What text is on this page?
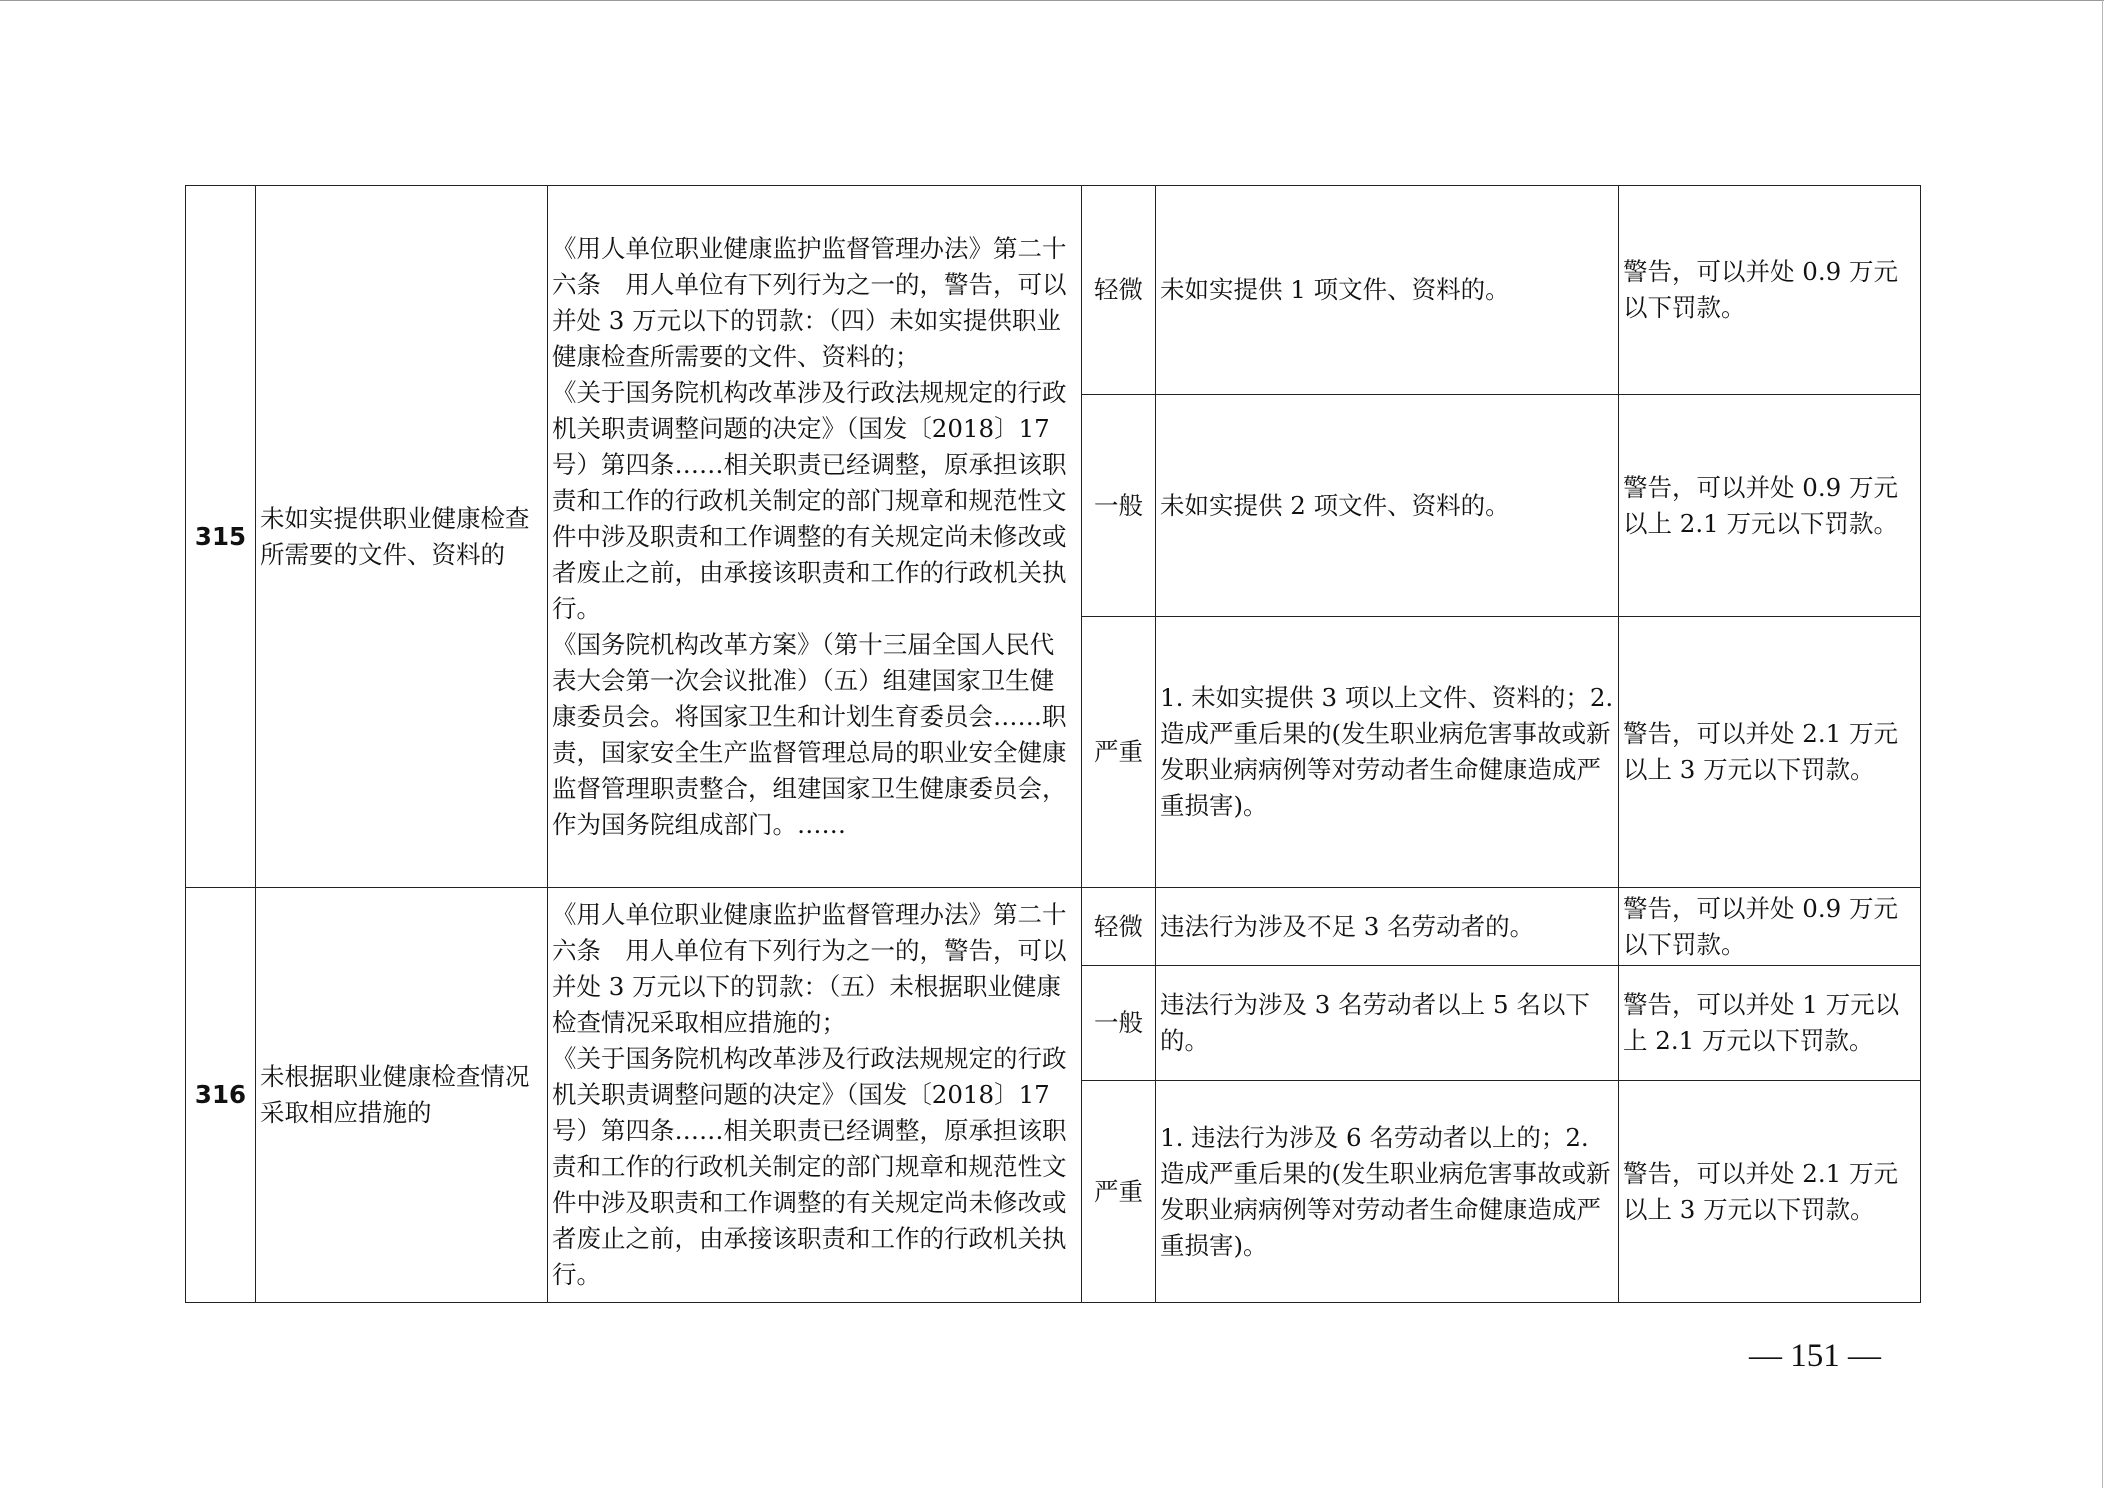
315	未如实提供职业健康检查所需要的文件、资料的	《用人单位职业健康监护监督管理办法》第二十六条　用人单位有下列行为之一的，警告，可以并处 3 万元以下的罚款：（四）未如实提供职业健康检查所需要的文件、资料的；

《关于国务院机构改革涉及行政法规规定的行政机关职责调整问题的决定》（国发〔2018〕17 号）第四条……相关职责已经调整，原承担该职责和工作的行政机关制定的部门规章和规范性文件中涉及职责和工作调整的有关规定尚未修改或者废止之前，由承接该职责和工作的行政机关执行。

《国务院机构改革方案》（第十三届全国人民代表大会第一次会议批准）（五）组建国家卫生健康委员会。将国家卫生和计划生育委员会……职责，国家安全生产监督管理总局的职业安全健康监督管理职责整合，组建国家卫生健康委员会，作为国务院组成部门。……	轻微	未如实提供 1 项文件、资料的。	警告，可以并处 0.9 万元以下罚款。
			一般	未如实提供 2 项文件、资料的。	警告，可以并处 0.9 万元以上 2.1 万元以下罚款。
			严重	1. 未如实提供 3 项以上文件、资料的；2. 造成严重后果的(发生职业病危害事故或新发职业病病例等对劳动者生命健康造成严重损害)。	警告，可以并处 2.1 万元以上 3 万元以下罚款。
316	未根据职业健康检查情况采取相应措施的	《用人单位职业健康监护监督管理办法》第二十六条　用人单位有下列行为之一的，警告，可以并处 3 万元以下的罚款：（五）未根据职业健康检查情况采取相应措施的；

《关于国务院机构改革涉及行政法规规定的行政机关职责调整问题的决定》（国发〔2018〕17 号）第四条……相关职责已经调整，原承担该职责和工作的行政机关制定的部门规章和规范性文件中涉及职责和工作调整的有关规定尚未修改或者废止之前，由承接该职责和工作的行政机关执行。	轻微	违法行为涉及不足 3 名劳动者的。	警告，可以并处 0.9 万元以下罚款。
			一般	违法行为涉及 3 名劳动者以上 5 名以下的。	警告，可以并处 1 万元以上 2.1 万元以下罚款。
			严重	1. 违法行为涉及 6 名劳动者以上的；2. 造成严重后果的(发生职业病危害事故或新发职业病病例等对劳动者生命健康造成严重损害)。	警告，可以并处 2.1 万元以上 3 万元以下罚款。
— 151 —
